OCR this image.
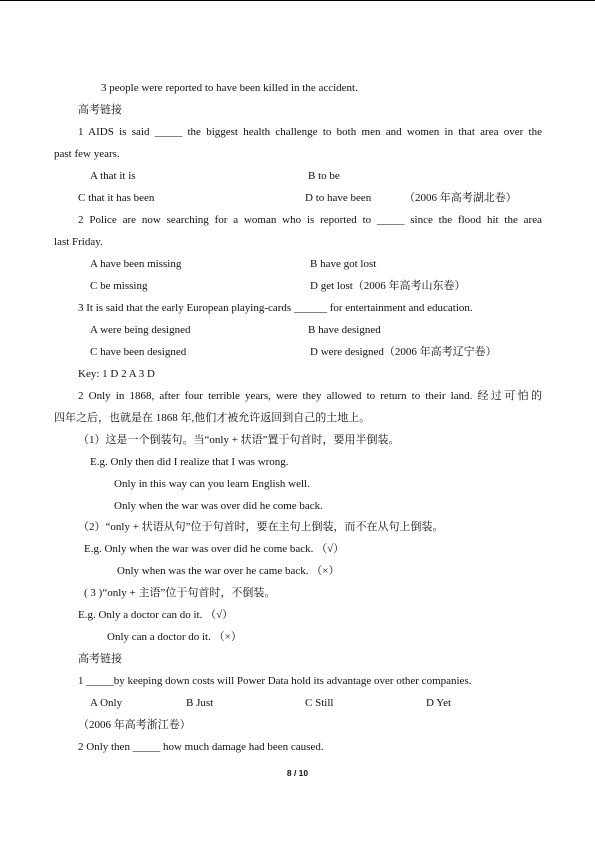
3 people were reported to have been killed in the accident.
高考链接
1 AIDS is said _____ the biggest health challenge to both men and women in that area over the
past few years.
A that it is	B to be
C that it has been	D to have been	（2006 年高考湖北卷）
2 Police are now searching for a woman who is reported to _____ since the flood hit the area
last Friday.
A have been missing	B have got lost
C be missing	D get lost（2006 年高考山东卷）
3 It is said that the early European playing-cards ______ for entertainment and education.
A were being designed	B have designed
C have been designed	D were designed（2006 年高考辽宁卷）
Key: 1 D 2 A 3 D
2 Only in 1868, after four terrible years, were they allowed to return to their land. 经过可怕的
四年之后，也就是在 1868 年,他们才被允许返回到自己的土地上。
（1）这是一个倒装句。当“only + 状语”置于句首时，要用半倒装。
E.g. Only then did I realize that I was wrong.
Only in this way can you learn English well.
Only when the war was over did he come back.
（2）“only + 状语从句”位于句首时，要在主句上倒装，而不在从句上倒装。
E.g. Only when the war was over did he come back. （√）
Only when was the war over he came back. （×）
( 3 )“only + 主语”位于句首时，不倒装。
E.g. Only a doctor can do it. （√）
Only can a doctor do it. （×）
高考链接
1 _____by keeping down costs will Power Data hold its advantage over other companies.
A Only	B Just	C Still	D Yet
（2006 年高考浙江卷）
2 Only then _____ how much damage had been caused.
8 / 10
